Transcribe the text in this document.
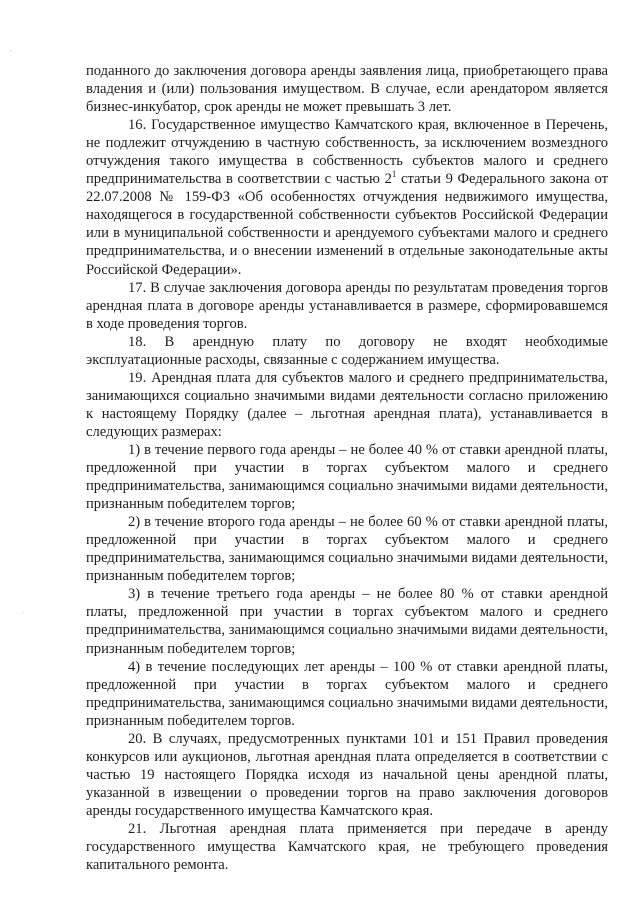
,
·

поданного до заключения договора аренды заявления лица, приобретающего права владения и (или) пользования имуществом. В случае, если арендатором является бизнес-инкубатор, срок аренды не может превышать 3 лет.

16. Государственное имущество Камчатского края, включенное в Перечень, не подлежит отчуждению в частную собственность, за исключением возмездного отчуждения такого имущества в собственность субъектов малого и среднего предпринимательства в соответствии с частью $2^1$ статьи 9 Федерального закона от 22.07.2008 № 159-ФЗ «Об особенностях отчуждения недвижимого имущества, находящегося в государственной собственности субъектов Российской Федерации или в муниципальной собственности и арендуемого субъектами малого и среднего предпринимательства, и о внесении изменений в отдельные законодательные акты Российской Федерации».

17. В случае заключения договора аренды по результатам проведения торгов арендная плата в договоре аренды устанавливается в размере, сформировавшемся в ходе проведения торгов.

18. В арендную плату по договору не входят необходимые эксплуатационные расходы, связанные с содержанием имущества.

19. Арендная плата для субъектов малого и среднего предпринимательства, занимающихся социально значимыми видами деятельности согласно приложению к настоящему Порядку (далее – льготная арендная плата), устанавливается в следующих размерах:

1) в течение первого года аренды – не более 40 % от ставки арендной платы, предложенной при участии в торгах субъектом малого и среднего предпринимательства, занимающимся социально значимыми видами деятельности, признанным победителем торгов;

2) в течение второго года аренды – не более 60 % от ставки арендной платы, предложенной при участии в торгах субъектом малого и среднего предпринимательства, занимающимся социально значимыми видами деятельности, признанным победителем торгов;

3) в течение третьего года аренды – не более 80 % от ставки арендной платы, предложенной при участии в торгах субъектом малого и среднего предпринимательства, занимающимся социально значимыми видами деятельности, признанным победителем торгов;

4) в течение последующих лет аренды – 100 % от ставки арендной платы, предложенной при участии в торгах субъектом малого и среднего предпринимательства, занимающимся социально значимыми видами деятельности, признанным победителем торгов.

20. В случаях, предусмотренных пунктами 101 и 151 Правил проведения конкурсов или аукционов, льготная арендная плата определяется в соответствии с частью 19 настоящего Порядка исходя из начальной цены арендной платы, указанной в извещении о проведении торгов на право заключения договоров аренды государственного имущества Камчатского края.

21. Льготная арендная плата применяется при передаче в аренду государственного имущества Камчатского края, не требующего проведения капитального ремонта.
